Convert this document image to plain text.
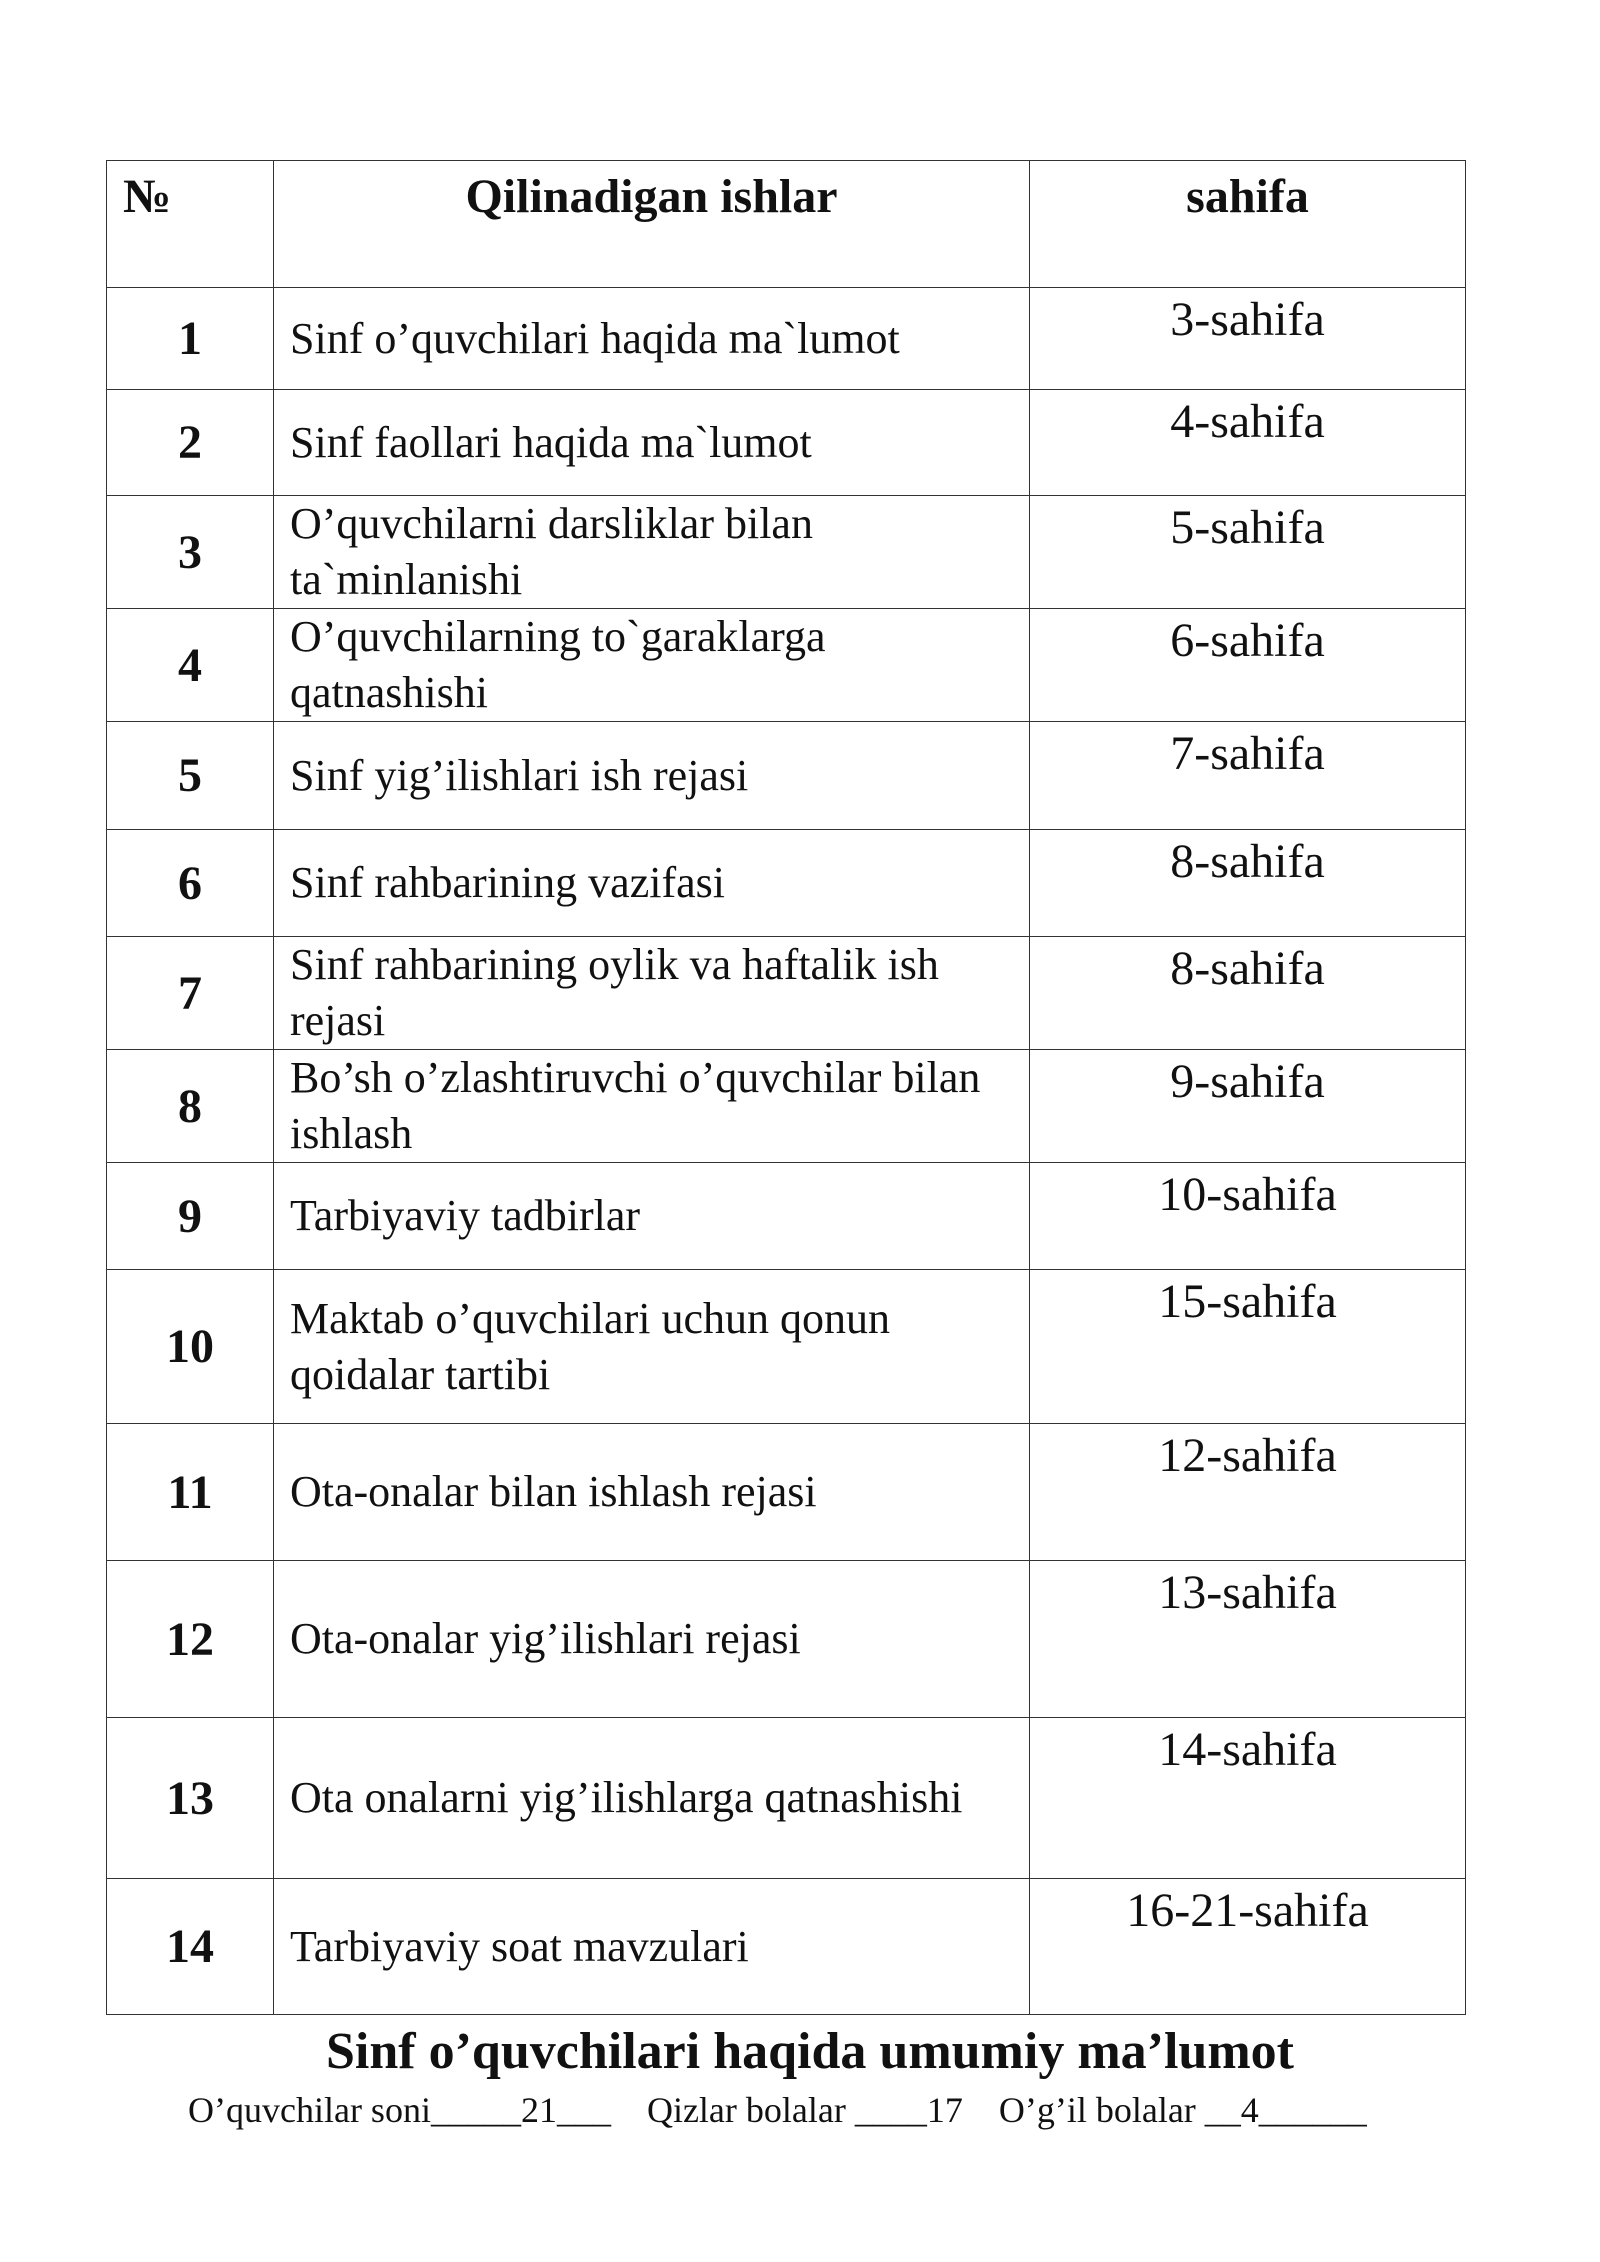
№	Qilinadigan ishlar	sahifa
1	Sinf o’quvchilari haqida ma`lumot	3-sahifa
2	Sinf faollari haqida ma`lumot	4-sahifa
3	O’quvchilarni darsliklar bilan ta`minlanishi	5-sahifa
4	O’quvchilarning to`garaklarga qatnashishi	6-sahifa
5	Sinf yig’ilishlari ish rejasi	7-sahifa
6	Sinf rahbarining vazifasi	8-sahifa
7	Sinf rahbarining oylik va haftalik ish rejasi	8-sahifa
8	Bo’sh o’zlashtiruvchi o’quvchilar bilan ishlash	9-sahifa
9	Tarbiyaviy tadbirlar	10-sahifa
10	Maktab o’quvchilari uchun qonun qoidalar tartibi	15-sahifa
11	Ota-onalar bilan ishlash rejasi	12-sahifa
12	Ota-onalar yig’ilishlari rejasi	13-sahifa
13	Ota onalarni yig’ilishlarga qatnashishi	14-sahifa
14	Tarbiyaviy soat mavzulari	16-21-sahifa
Sinf o’quvchilari haqida umumiy ma’lumot
O’quvchilar soni_____21___ Qizlar bolalar ____17 O’g’il bolalar __4______
